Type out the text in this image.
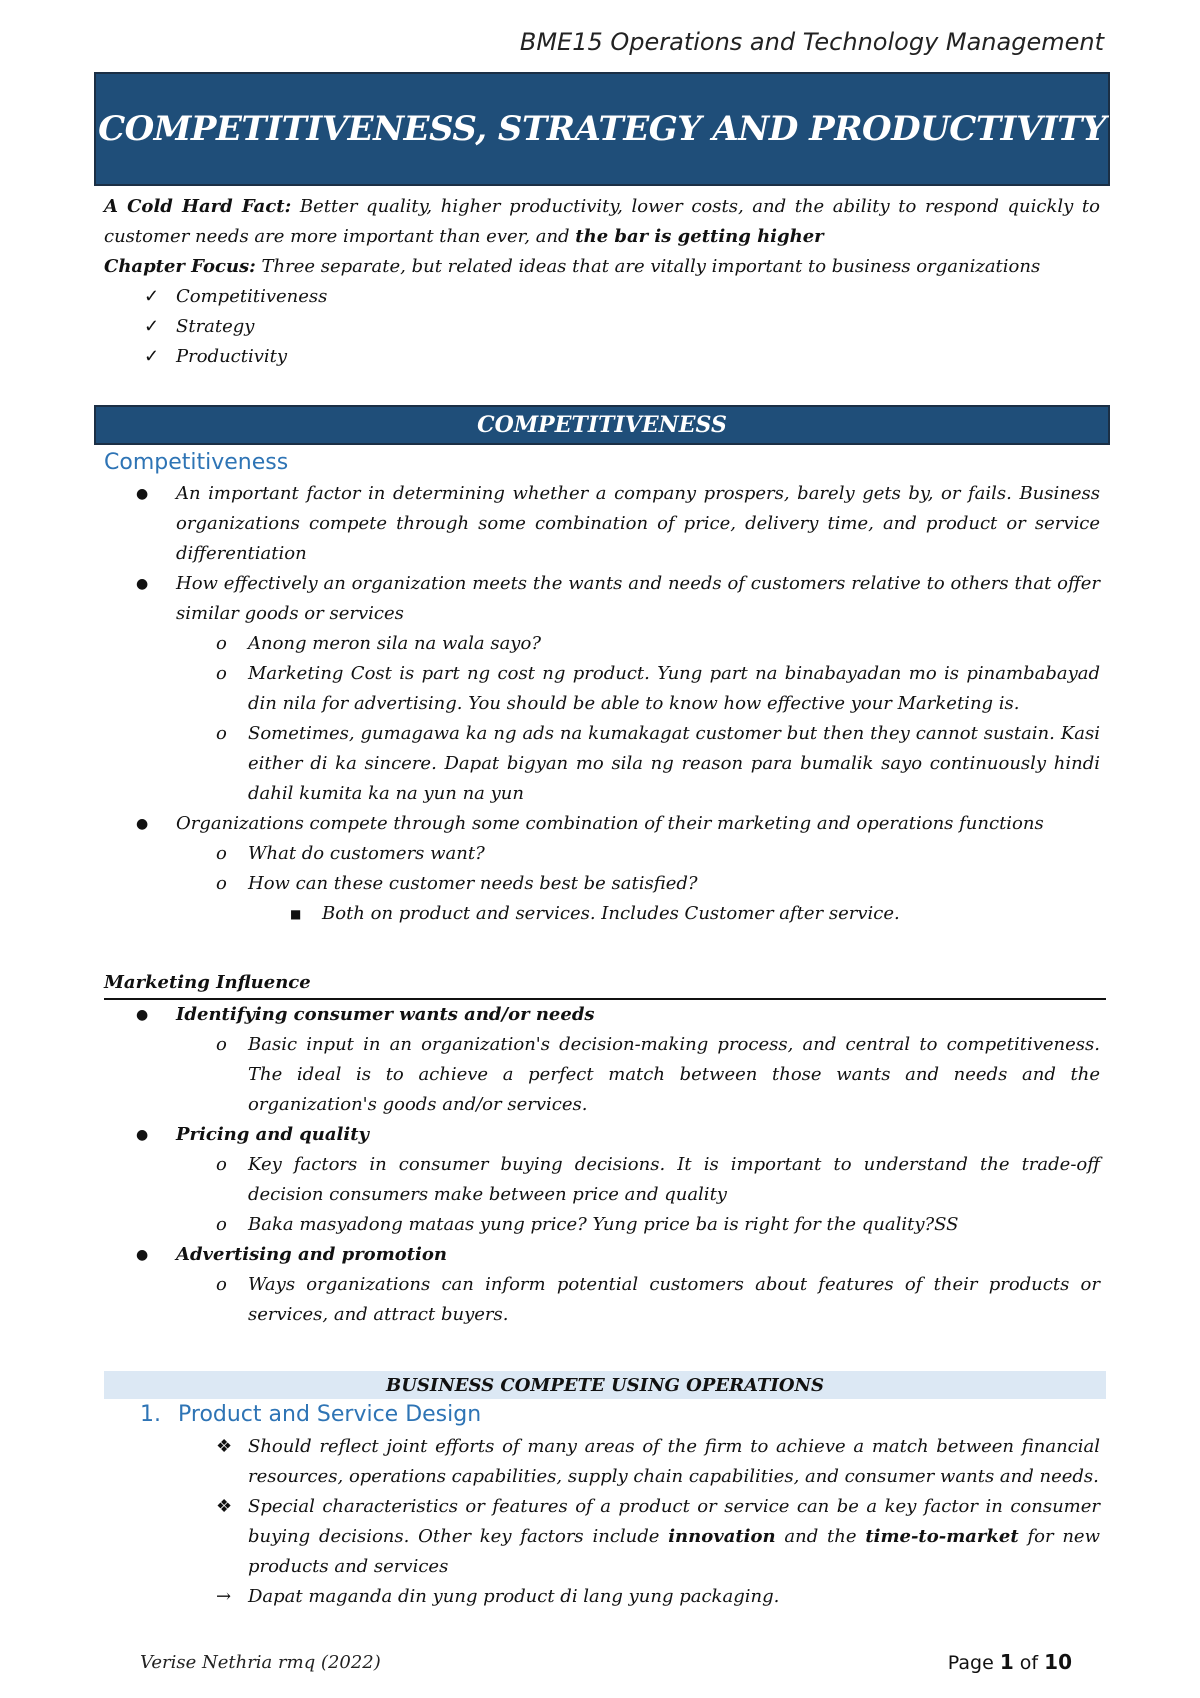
BME15 Operations and Technology Management
COMPETITIVENESS, STRATEGY AND PRODUCTIVITY

A Cold Hard Fact: Better quality, higher productivity, lower costs, and the ability to respond quickly to customer needs are more important than ever, and the bar is getting higher

Chapter Focus: Three separate, but related ideas that are vitally important to business organizations

✓ Competitiveness
✓ Strategy
✓ Productivity
COMPETITIVENESS
Competitiveness
● An important factor in determining whether a company prospers, barely gets by, or fails. Business organizations compete through some combination of price, delivery time, and product or service differentiation
● How effectively an organization meets the wants and needs of customers relative to others that offer similar goods or services
o Anong meron sila na wala sayo?
o Marketing Cost is part ng cost ng product. Yung part na binabayadan mo is pinambabayad din nila for advertising. You should be able to know how effective your Marketing is.
o Sometimes, gumagawa ka ng ads na kumakagat customer but then they cannot sustain. Kasi either di ka sincere. Dapat bigyan mo sila ng reason para bumalik sayo continuously hindi dahil kumita ka na yun na yun
● Organizations compete through some combination of their marketing and operations functions
o What do customers want?
o How can these customer needs best be satisfied?
■ Both on product and services. Includes Customer after service.
Marketing Influence
● Identifying consumer wants and/or needs
o Basic input in an organization's decision-making process, and central to competitiveness. The ideal is to achieve a perfect match between those wants and needs and the organization's goods and/or services.
● Pricing and quality
o Key factors in consumer buying decisions. It is important to understand the trade-off decision consumers make between price and quality
o Baka masyadong mataas yung price? Yung price ba is right for the quality?SS
● Advertising and promotion
o Ways organizations can inform potential customers about features of their products or services, and attract buyers.
BUSINESS COMPETE USING OPERATIONS
1. Product and Service Design
❖ Should reflect joint efforts of many areas of the firm to achieve a match between financial resources, operations capabilities, supply chain capabilities, and consumer wants and needs.
❖ Special characteristics or features of a product or service can be a key factor in consumer buying decisions. Other key factors include innovation and the time-to-market for new products and services
→ Dapat maganda din yung product di lang yung packaging.
Verise Nethria rmq (2022)	Page 1 of 10
